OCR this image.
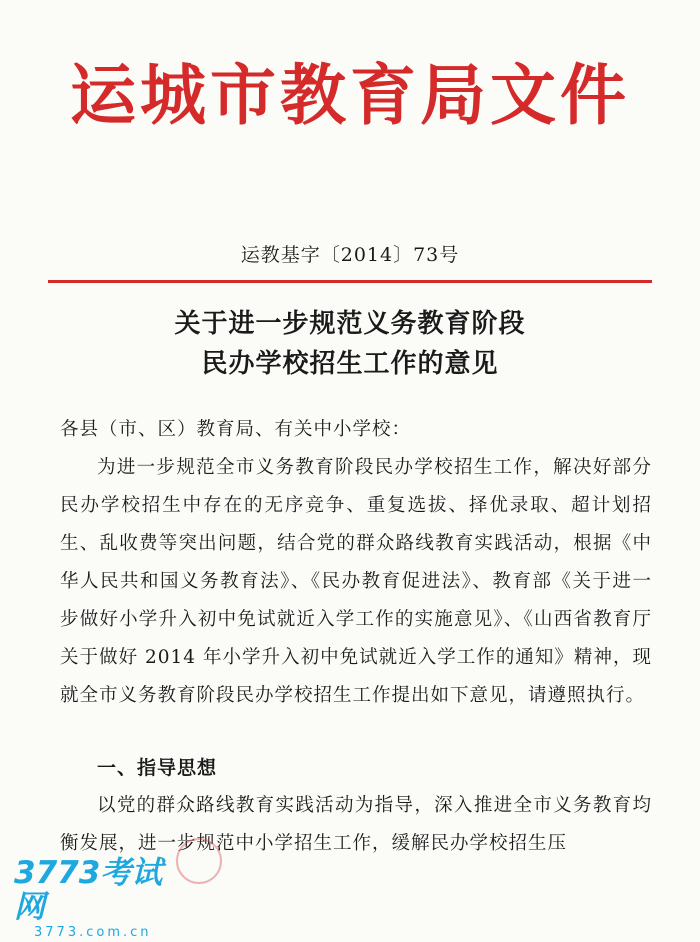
运城市教育局文件
运教基字〔2014〕73号
关于进一步规范义务教育阶段
民办学校招生工作的意见
各县（市、区）教育局、有关中小学校：

为进一步规范全市义务教育阶段民办学校招生工作，解决好部分民办学校招生中存在的无序竞争、重复选拔、择优录取、超计划招生、乱收费等突出问题，结合党的群众路线教育实践活动，根据《中华人民共和国义务教育法》、《民办教育促进法》、教育部《关于进一步做好小学升入初中免试就近入学工作的实施意见》、《山西省教育厅关于做好 2014 年小学升入初中免试就近入学工作的通知》精神，现就全市义务教育阶段民办学校招生工作提出如下意见，请遵照执行。

一、指导思想

以党的群众路线教育实践活动为指导，深入推进全市义务教育均衡发展，进一步规范中小学招生工作，缓解民办学校招生压

3773考试网
3773.com.cn
